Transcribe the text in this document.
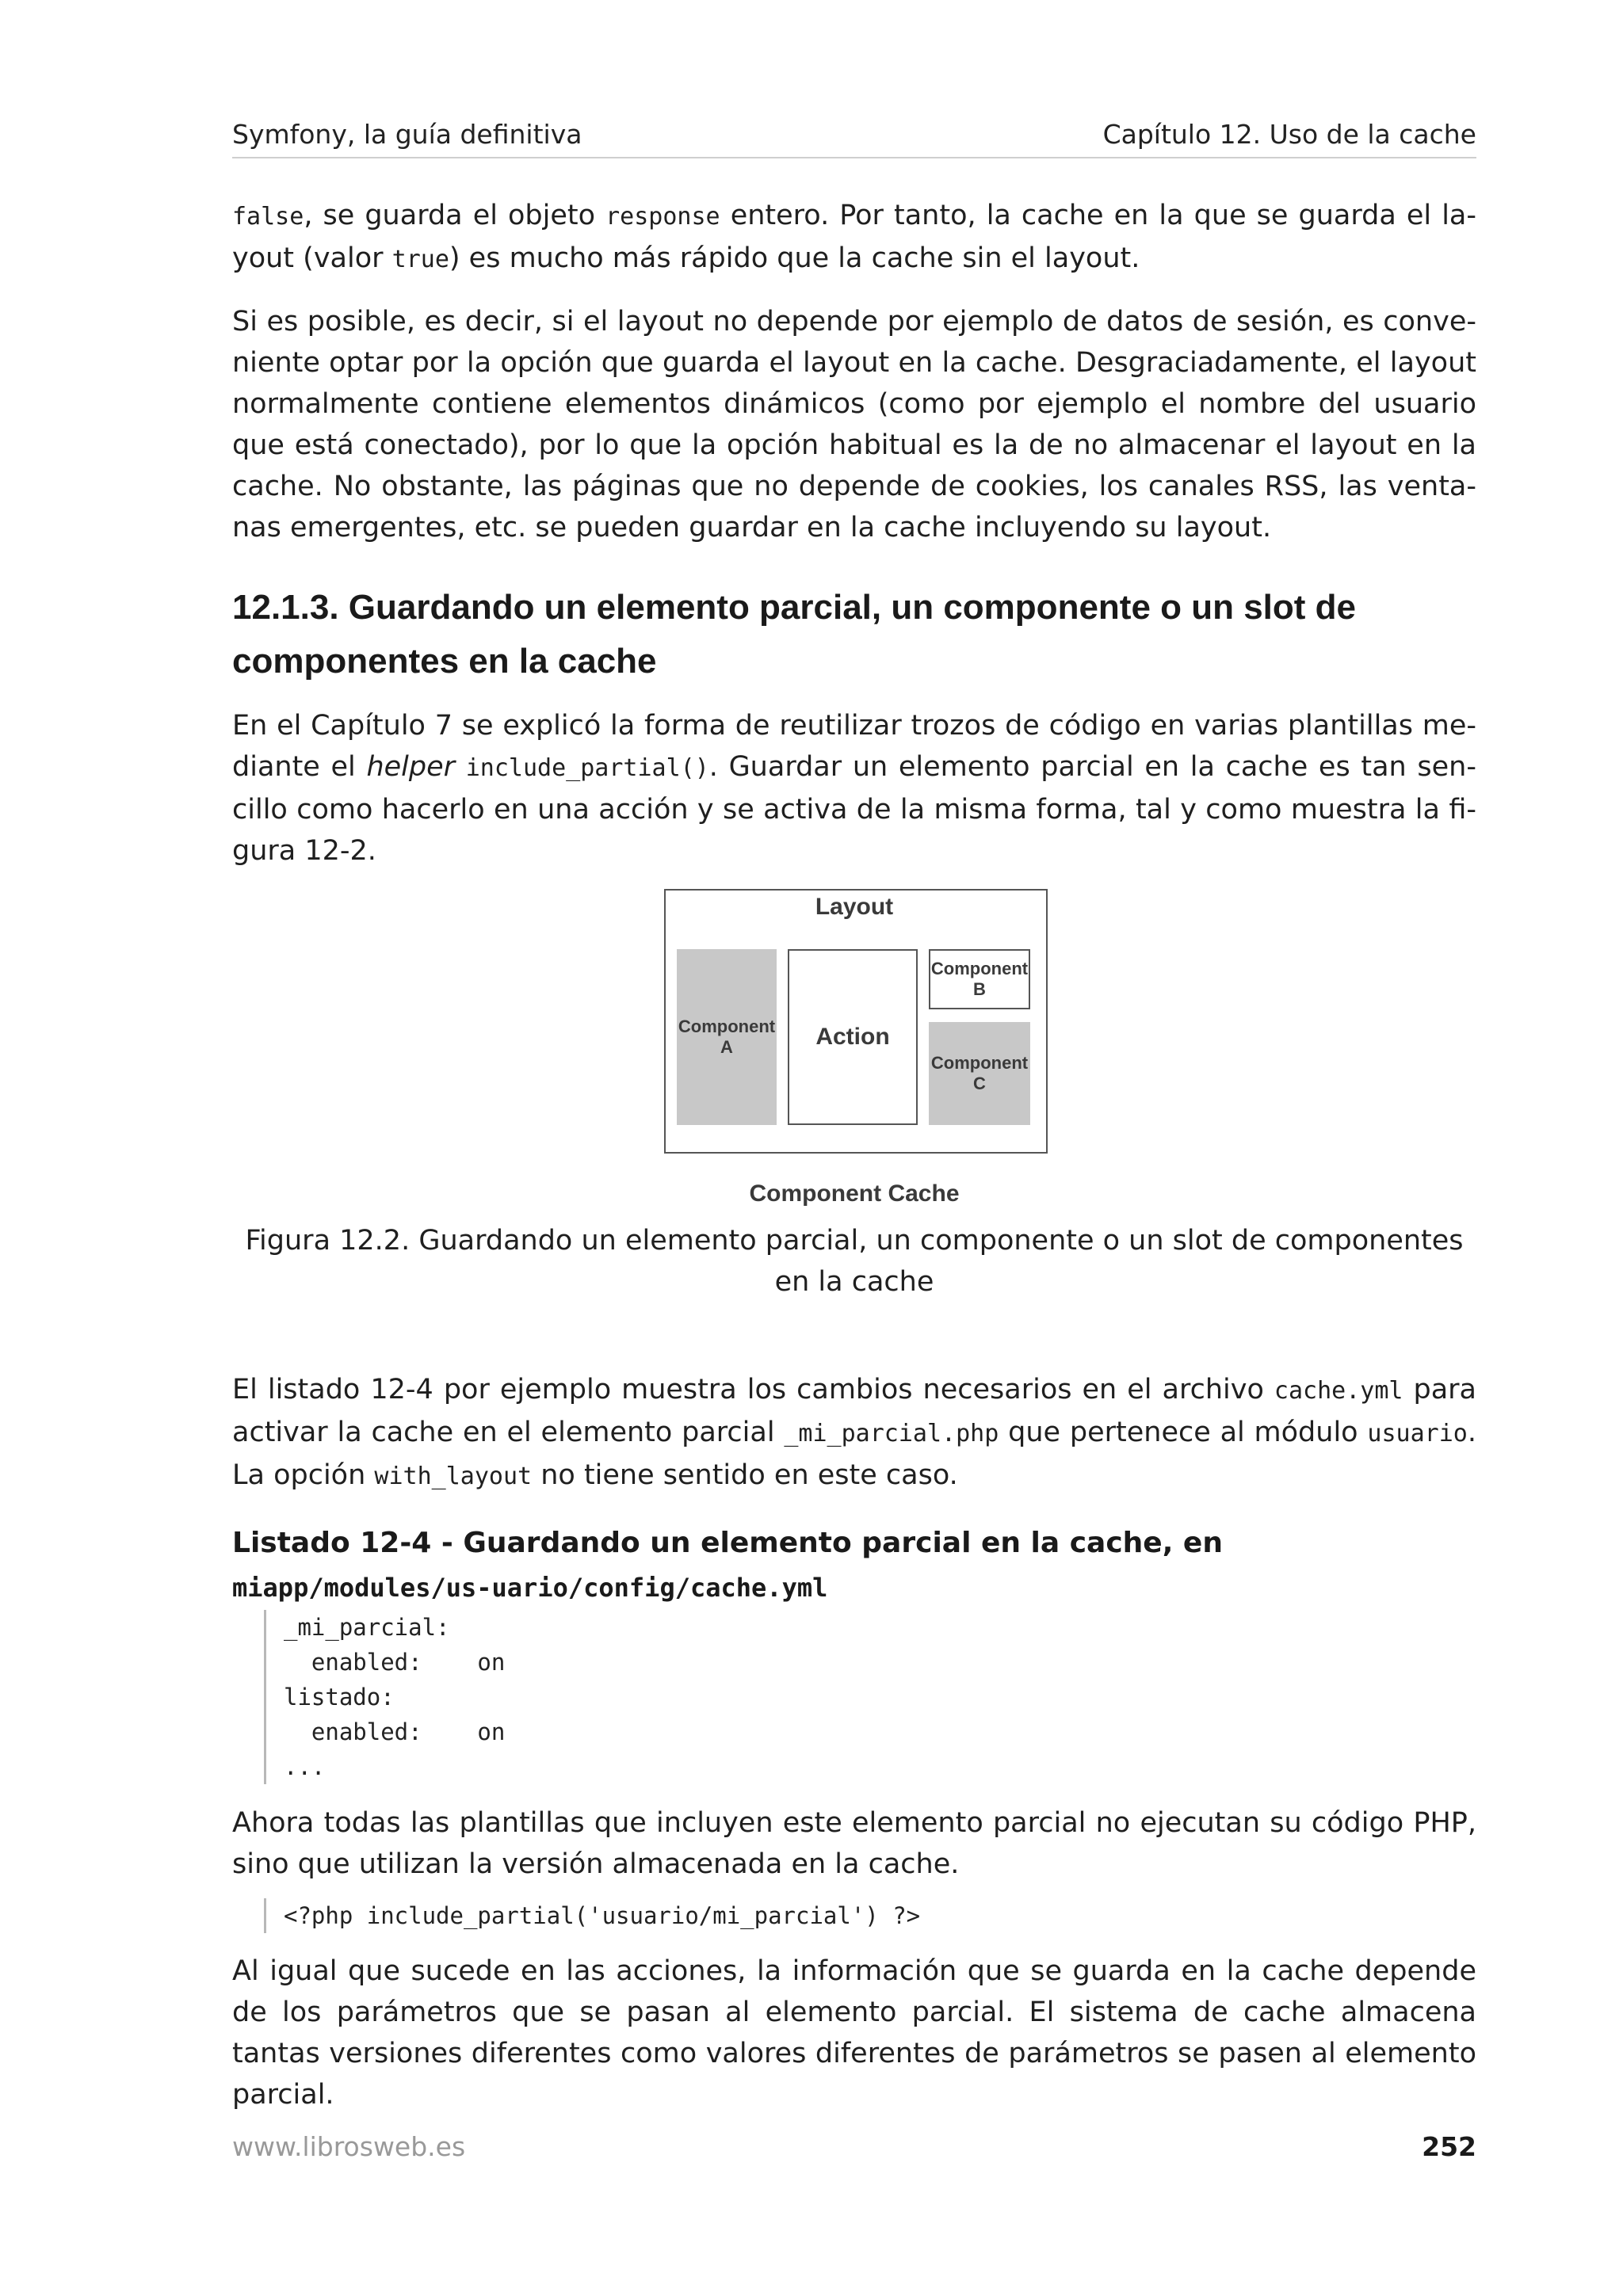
Symfony, la guía definitiva	Capítulo 12. Uso de la cache

false, se guarda el objeto response entero. Por tanto, la cache en la que se guarda el la-yout (valor true) es mucho más rápido que la cache sin el layout.

Si es posible, es decir, si el layout no depende por ejemplo de datos de sesión, es conve-niente optar por la opción que guarda el layout en la cache. Desgraciadamente, el layout normalmente contiene elementos dinámicos (como por ejemplo el nombre del usuario que está conectado), por lo que la opción habitual es la de no almacenar el layout en la cache. No obstante, las páginas que no depende de cookies, los canales RSS, las venta-nas emergentes, etc. se pueden guardar en la cache incluyendo su layout.

12.1.3. Guardando un elemento parcial, un componente o un slot de componentes en la cache

En el Capítulo 7 se explicó la forma de reutilizar trozos de código en varias plantillas me-diante el helper include_partial(). Guardar un elemento parcial en la cache es tan sen-cillo como hacerlo en una acción y se activa de la misma forma, tal y como muestra la fi-gura 12-2.

Layout
Component A	Action
Component B
Component C
Component Cache
Figura 12.2. Guardando un elemento parcial, un componente o un slot de componentes en la cache

El listado 12-4 por ejemplo muestra los cambios necesarios en el archivo cache.yml para activar la cache en el elemento parcial _mi_parcial.php que pertenece al módulo usuario. La opción with_layout no tiene sentido en este caso.

Listado 12-4 - Guardando un elemento parcial en la cache, en miapp/modules/us-uario/config/cache.yml

_mi_parcial:
enabled:    on
listado:
enabled:    on
...

Ahora todas las plantillas que incluyen este elemento parcial no ejecutan su código PHP, sino que utilizan la versión almacenada en la cache.

<?php include_partial('usuario/mi_parcial') ?>

Al igual que sucede en las acciones, la información que se guarda en la cache depende de los parámetros que se pasan al elemento parcial. El sistema de cache almacena tantas versiones diferentes como valores diferentes de parámetros se pasen al elemento parcial.

www.librosweb.es	252
